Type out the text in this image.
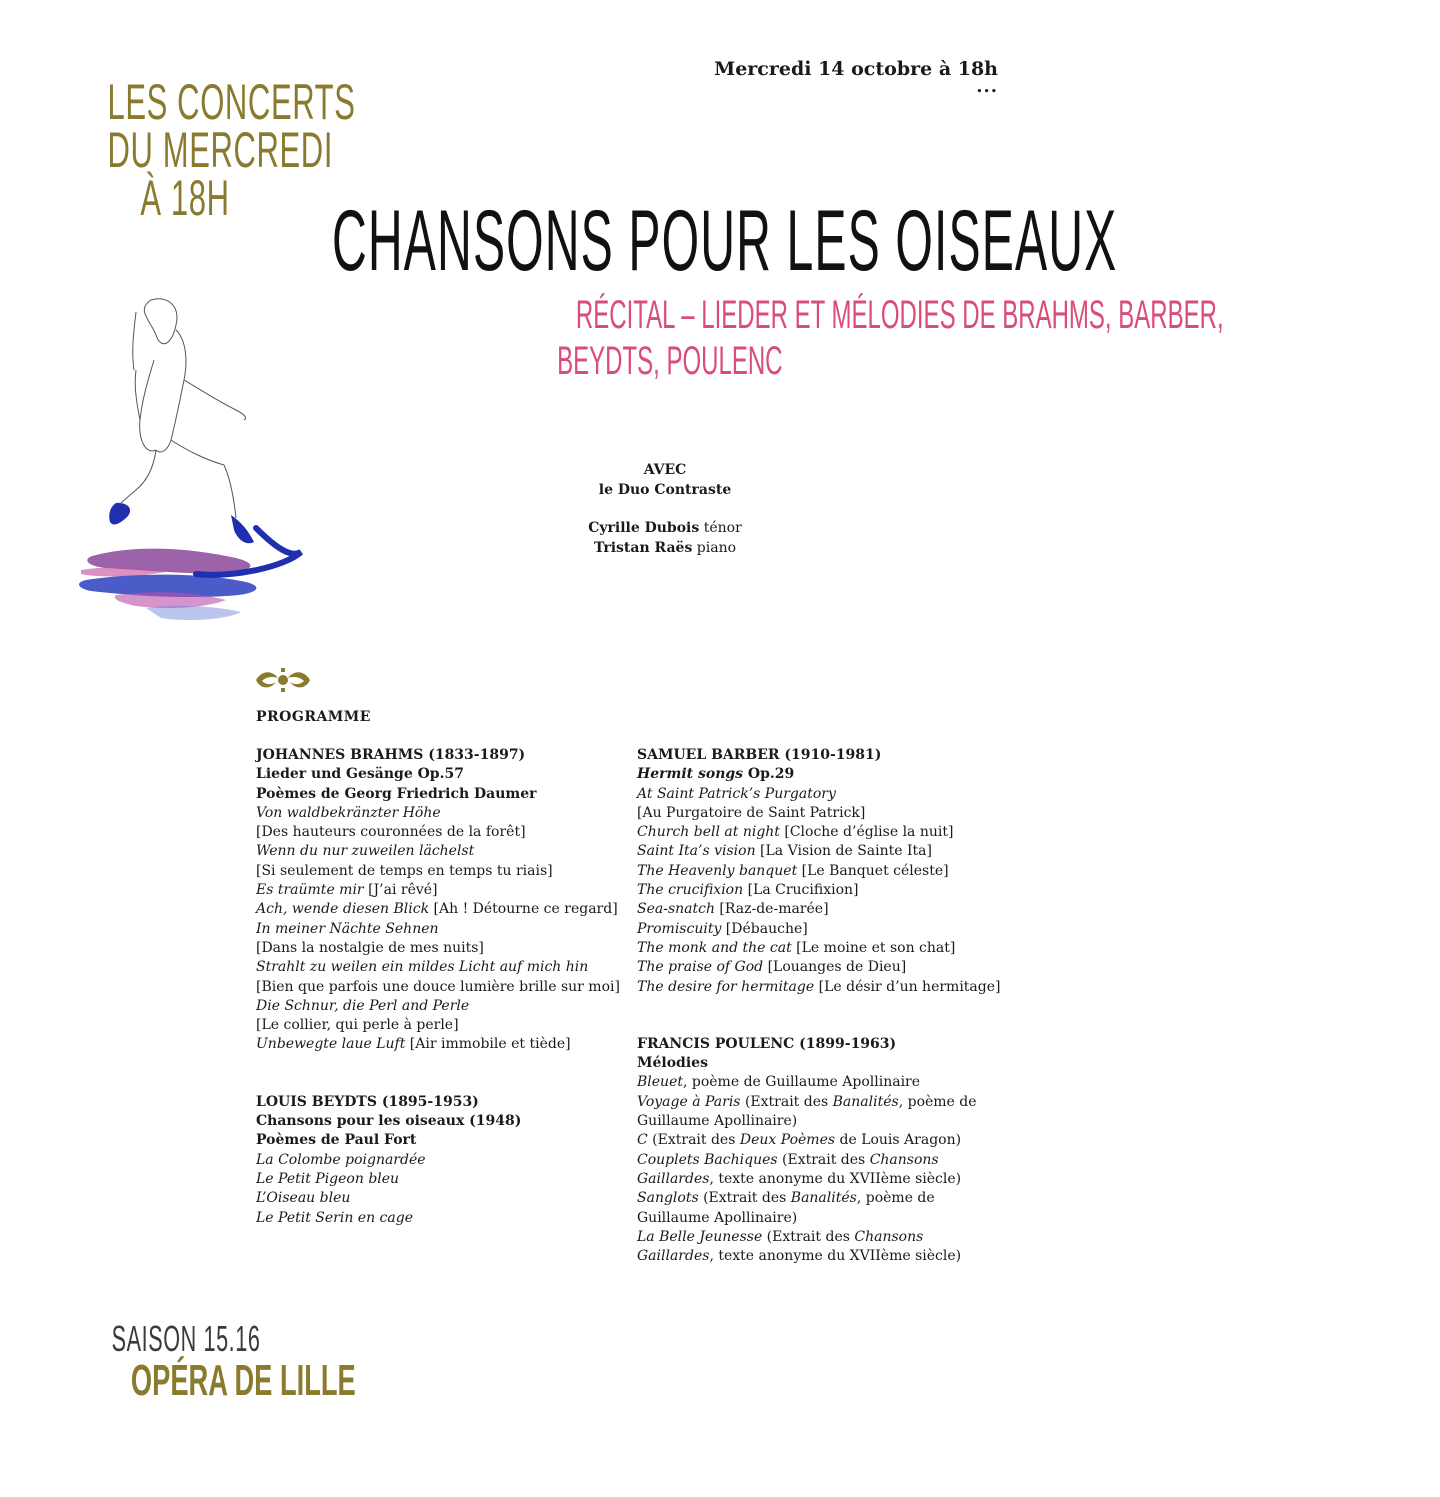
LES CONCERTS
DU MERCREDI
À 18H
Mercredi 14 octobre à 18h
...
CHANSONS POUR LES OISEAUX
RÉCITAL – LIEDER ET MÉLODIES DE BRAHMS, BARBER,
BEYDTS, POULENC
AVEC
le Duo Contraste
Cyrille Dubois ténor
Tristan Raës piano
PROGRAMME
JOHANNES BRAHMS (1833-1897)
Lieder und Gesänge Op.57
Poèmes de Georg Friedrich Daumer
Von waldbekränzter Höhe
[Des hauteurs couronnées de la forêt]
Wenn du nur zuweilen lächelst
[Si seulement de temps en temps tu riais]
Es traümte mir [J’ai rêvé]
Ach, wende diesen Blick [Ah ! Détourne ce regard]
In meiner Nächte Sehnen
[Dans la nostalgie de mes nuits]
Strahlt zu weilen ein mildes Licht auf mich hin
[Bien que parfois une douce lumière brille sur moi]
Die Schnur, die Perl and Perle
[Le collier, qui perle à perle]
Unbewegte laue Luft [Air immobile et tiède]
LOUIS BEYDTS (1895-1953)
Chansons pour les oiseaux (1948)
Poèmes de Paul Fort
La Colombe poignardée
Le Petit Pigeon bleu
L’Oiseau bleu
Le Petit Serin en cage
SAMUEL BARBER (1910-1981)
Hermit songs Op.29
At Saint Patrick’s Purgatory
[Au Purgatoire de Saint Patrick]
Church bell at night [Cloche d’église la nuit]
Saint Ita’s vision [La Vision de Sainte Ita]
The Heavenly banquet [Le Banquet céleste]
The crucifixion [La Crucifixion]
Sea-snatch [Raz-de-marée]
Promiscuity [Débauche]
The monk and the cat [Le moine et son chat]
The praise of God [Louanges de Dieu]
The desire for hermitage [Le désir d’un hermitage]
FRANCIS POULENC (1899-1963)
Mélodies
Bleuet, poème de Guillaume Apollinaire
Voyage à Paris (Extrait des Banalités, poème de
Guillaume Apollinaire)
C (Extrait des Deux Poèmes de Louis Aragon)
Couplets Bachiques (Extrait des Chansons
Gaillardes, texte anonyme du XVIIème siècle)
Sanglots (Extrait des Banalités, poème de
Guillaume Apollinaire)
La Belle Jeunesse (Extrait des Chansons
Gaillardes, texte anonyme du XVIIème siècle)
SAISON 15.16
OPÉRA DE LILLE
